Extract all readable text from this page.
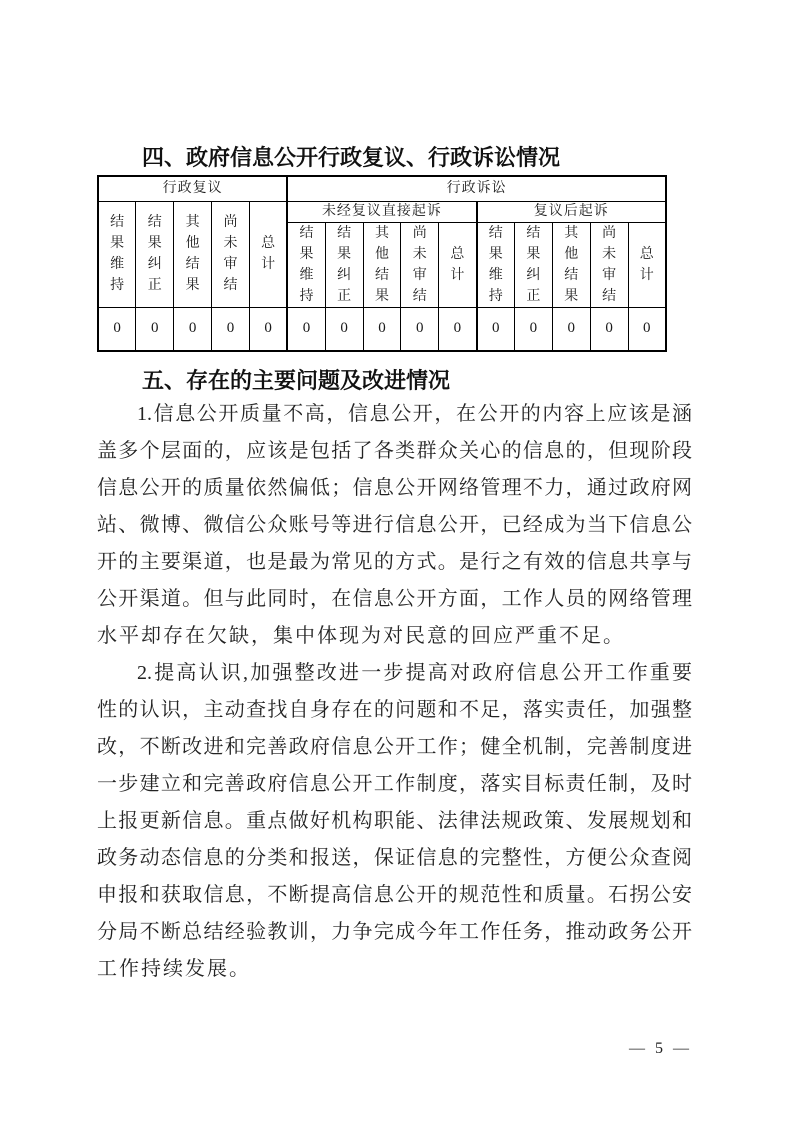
四、政府信息公开行政复议、行政诉讼情况
行政复议					行政诉讼									

结果维持	结果纠正	其他结果	尚未审结	总计	未经复议直接起诉					复议后起诉				

					结果维持	结果纠正	其他结果	尚未审结	总计	结果维持	结果纠正	其他结果	尚未审结	总计

0	0	0	0	0	0	0	0	0	0	0	0	0	0	0
五、存在的主要问题及改进情况
1.信息公开质量不高，信息公开，在公开的内容上应该是涵
盖多个层面的，应该是包括了各类群众关心的信息的，但现阶段
信息公开的质量依然偏低；信息公开网络管理不力，通过政府网
站、微博、微信公众账号等进行信息公开，已经成为当下信息公
开的主要渠道，也是最为常见的方式。是行之有效的信息共享与
公开渠道。但与此同时，在信息公开方面，工作人员的网络管理
水平却存在欠缺，集中体现为对民意的回应严重不足。
2.提高认识,加强整改进一步提高对政府信息公开工作重要
性的认识，主动查找自身存在的问题和不足，落实责任，加强整
改，不断改进和完善政府信息公开工作；健全机制，完善制度进
一步建立和完善政府信息公开工作制度，落实目标责任制，及时
上报更新信息。重点做好机构职能、法律法规政策、发展规划和
政务动态信息的分类和报送，保证信息的完整性，方便公众查阅
申报和获取信息，不断提高信息公开的规范性和质量。石拐公安
分局不断总结经验教训，力争完成今年工作任务，推动政务公开
工作持续发展。
— 5 —
